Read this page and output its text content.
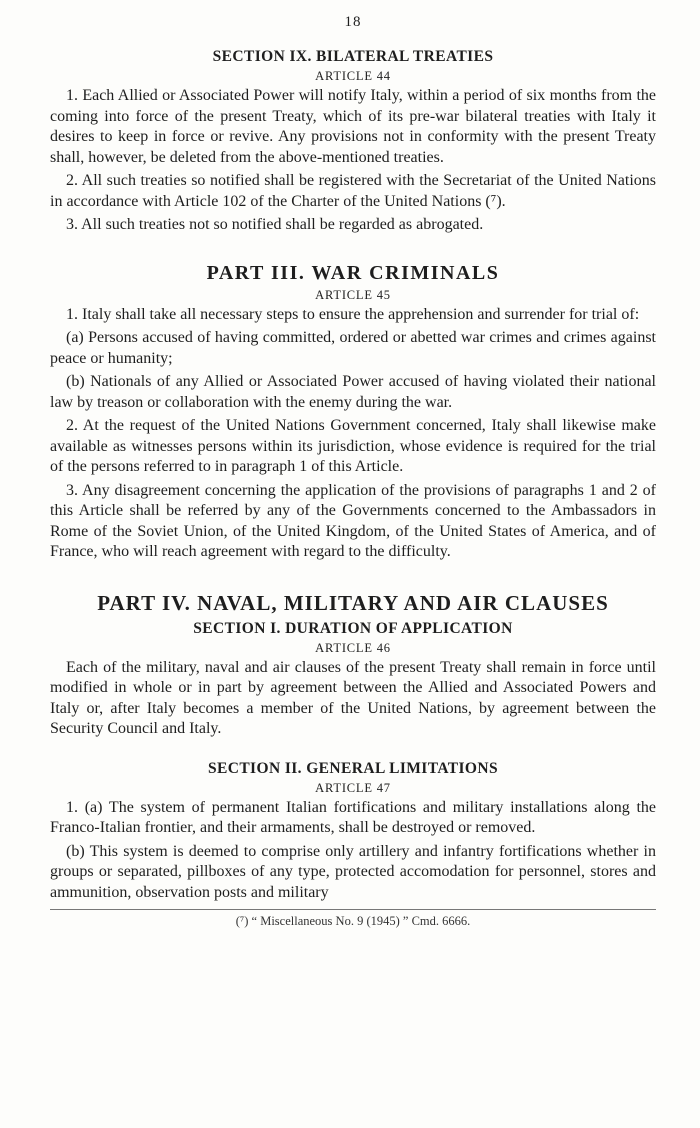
18
SECTION IX. BILATERAL TREATIES
ARTICLE 44

1. Each Allied or Associated Power will notify Italy, within a period of six months from the coming into force of the present Treaty, which of its pre-war bilateral treaties with Italy it desires to keep in force or revive. Any provisions not in conformity with the present Treaty shall, however, be deleted from the above-mentioned treaties.

2. All such treaties so notified shall be registered with the Secretariat of the United Nations in accordance with Article 102 of the Charter of the United Nations (⁷).

3. All such treaties not so notified shall be regarded as abrogated.

PART III. WAR CRIMINALS
ARTICLE 45

1. Italy shall take all necessary steps to ensure the apprehension and surrender for trial of:

(a) Persons accused of having committed, ordered or abetted war crimes and crimes against peace or humanity;

(b) Nationals of any Allied or Associated Power accused of having violated their national law by treason or collaboration with the enemy during the war.

2. At the request of the United Nations Government concerned, Italy shall likewise make available as witnesses persons within its jurisdiction, whose evidence is required for the trial of the persons referred to in paragraph 1 of this Article.

3. Any disagreement concerning the application of the provisions of paragraphs 1 and 2 of this Article shall be referred by any of the Governments concerned to the Ambassadors in Rome of the Soviet Union, of the United Kingdom, of the United States of America, and of France, who will reach agreement with regard to the difficulty.

PART IV. NAVAL, MILITARY AND AIR CLAUSES
SECTION I. DURATION OF APPLICATION
ARTICLE 46

Each of the military, naval and air clauses of the present Treaty shall remain in force until modified in whole or in part by agreement between the Allied and Associated Powers and Italy or, after Italy becomes a member of the United Nations, by agreement between the Security Council and Italy.

SECTION II. GENERAL LIMITATIONS
ARTICLE 47

1. (a) The system of permanent Italian fortifications and military installations along the Franco-Italian frontier, and their armaments, shall be destroyed or removed.

(b) This system is deemed to comprise only artillery and infantry fortifications whether in groups or separated, pillboxes of any type, protected accomodation for personnel, stores and ammunition, observation posts and military

(⁷) “ Miscellaneous No. 9 (1945) ” Cmd. 6666.
